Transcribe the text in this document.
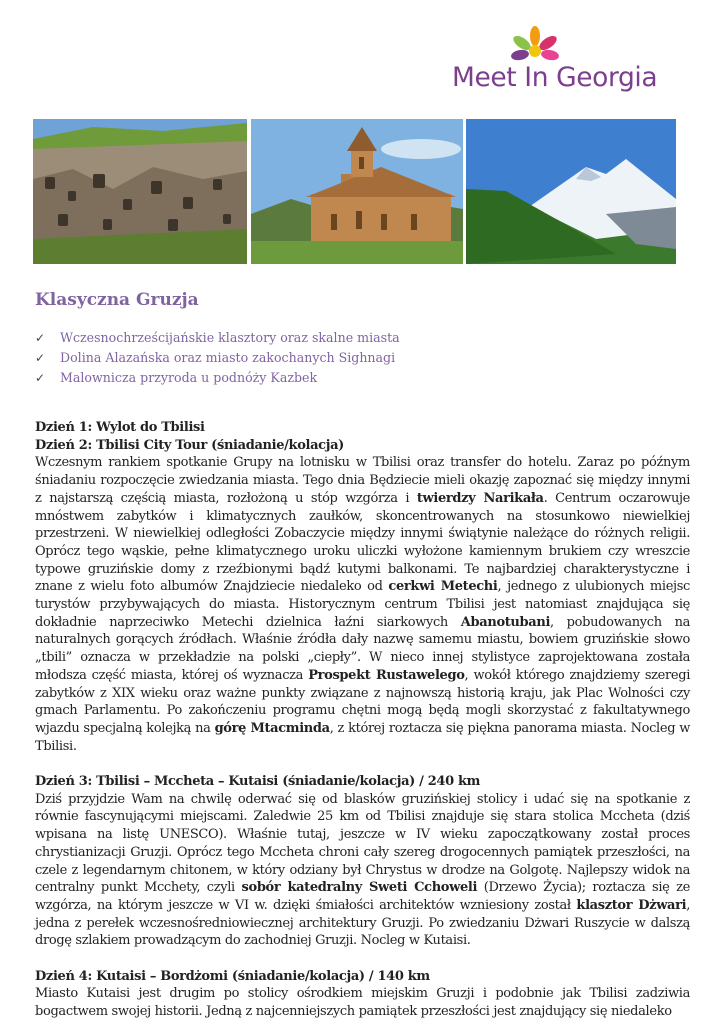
Meet In Georgia
Klasyczna Gruzja
✓ Wczesnochrześcijańskie klasztory oraz skalne miasta
✓ Dolina Alazańska oraz miasto zakochanych Sighnagi
✓ Malownicza przyroda u podnóży Kazbek
Dzień 1: Wylot do Tbilisi
Dzień 2: Tbilisi City Tour (śniadanie/kolacja)

Wczesnym rankiem spotkanie Grupy na lotnisku w Tbilisi oraz transfer do hotelu. Zaraz po późnym śniadaniu rozpoczęcie zwiedzania miasta. Tego dnia Będziecie mieli okazję zapoznać się między innymi z najstarszą częścią miasta, rozłożoną u stóp wzgórza i twierdzy Narikała. Centrum oczarowuje mnóstwem zabytków i klimatycznych zaułków, skoncentrowanych na stosunkowo niewielkiej przestrzeni. W niewielkiej odległości Zobaczycie między innymi świątynie należące do różnych religii. Oprócz tego wąskie, pełne klimatycznego uroku uliczki wyłożone kamiennym brukiem czy wreszcie typowe gruzińskie domy z rzeźbionymi bądź kutymi balkonami. Te najbardziej charakterystyczne i znane z wielu foto albumów Znajdziecie niedaleko od cerkwi Metechi, jednego z ulubionych miejsc turystów przybywających do miasta. Historycznym centrum Tbilisi jest natomiast znajdująca się dokładnie naprzeciwko Metechi dzielnica łaźni siarkowych Abanotubani, pobudowanych na naturalnych gorących źródłach. Właśnie źródła dały nazwę samemu miastu, bowiem gruzińskie słowo „tbili” oznacza w przekładzie na polski „ciepły”. W nieco innej stylistyce zaprojektowana została młodsza część miasta, której oś wyznacza Prospekt Rustawelego, wokół którego znajdziemy szeregi zabytków z XIX wieku oraz ważne punkty związane z najnowszą historią kraju, jak Plac Wolności czy gmach Parlamentu. Po zakończeniu programu chętni mogą będą mogli skorzystać z fakultatywnego wjazdu specjalną kolejką na górę Mtacminda, z której roztacza się piękna panorama miasta. Nocleg w Tbilisi.

Dzień 3: Tbilisi – Mccheta – Kutaisi (śniadanie/kolacja) / 240 km

Dziś przyjdzie Wam na chwilę oderwać się od blasków gruzińskiej stolicy i udać się na spotkanie z równie fascynującymi miejscami. Zaledwie 25 km od Tbilisi znajduje się stara stolica Mccheta (dziś wpisana na listę UNESCO). Właśnie tutaj, jeszcze w IV wieku zapoczątkowany został proces chrystianizacji Gruzji. Oprócz tego Mccheta chroni cały szereg drogocennych pamiątek przeszłości, na czele z legendarnym chitonem, w który odziany był Chrystus w drodze na Golgotę. Najlepszy widok na centralny punkt Mcchety, czyli sobór katedralny Sweti Cchoweli (Drzewo Życia); roztacza się ze wzgórza, na którym jeszcze w VI w. dzięki śmiałości architektów wzniesiony został klasztor Dżwari, jedna z perełek wczesnośredniowiecznej architektury Gruzji. Po zwiedzaniu Dżwari Ruszycie w dalszą drogę szlakiem prowadzącym do zachodniej Gruzji. Nocleg w Kutaisi.

Dzień 4: Kutaisi – Bordżomi (śniadanie/kolacja) / 140 km

Miasto Kutaisi jest drugim po stolicy ośrodkiem miejskim Gruzji i podobnie jak Tbilisi zadziwia bogactwem swojej historii. Jedną z najcenniejszych pamiątek przeszłości jest znajdujący się niedaleko
